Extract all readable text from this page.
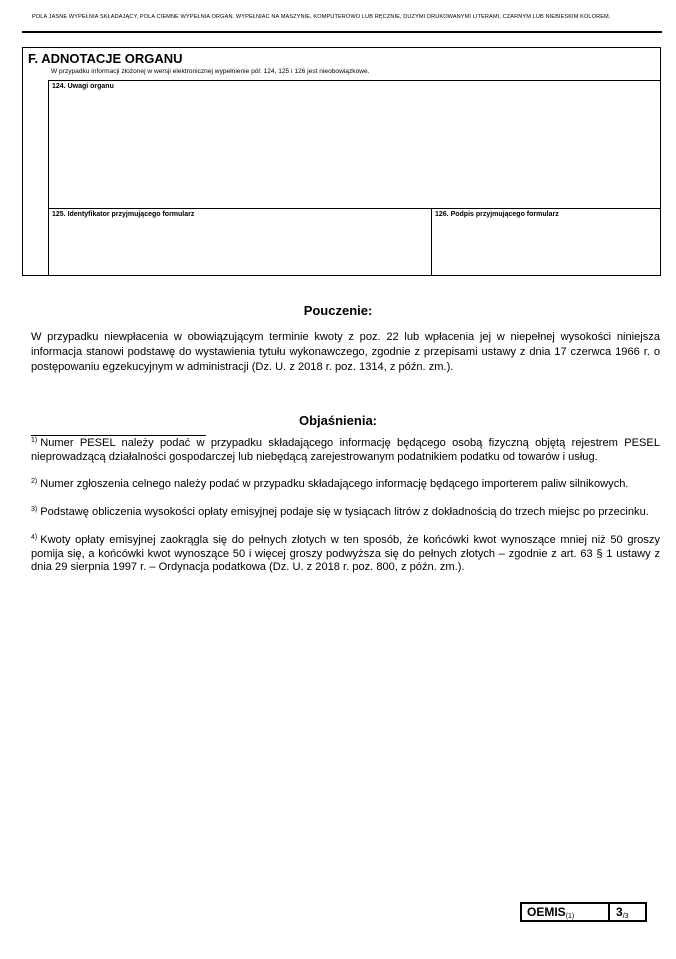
POLA JASNE WYPEŁNIA SKŁADAJĄCY, POLA CIEMNE WYPEŁNIA ORGAN. WYPEŁNIAĆ NA MASZYNIE, KOMPUTEROWO LUB RĘCZNIE, DUŻYMI DRUKOWANYMI LITERAMI, CZARNYM LUB NIEBIESKIM KOLOREM.
F. ADNOTACJE ORGANU
W przypadku informacji złożonej w wersji elektronicznej wypełnienie pól: 124, 125 i 126 jest nieobowiązkowe.
124. Uwagi organu
125. Identyfikator przyjmującego formularz	126. Podpis przyjmującego formularz
Pouczenie:
W przypadku niewpłacenia w obowiązującym terminie kwoty z poz. 22 lub wpłacenia jej w niepełnej wysokości niniejsza informacja stanowi podstawę do wystawienia tytułu wykonawczego, zgodnie z przepisami ustawy z dnia 17 czerwca 1966 r. o postępowaniu egzekucyjnym w administracji (Dz. U. z 2018 r. poz. 1314, z późn. zm.).
Objaśnienia:
$^{1)}$ Numer PESEL należy podać w przypadku składającego informację będącego osobą fizyczną objętą rejestrem PESEL nieprowadzącą działalności gospodarczej lub niebędącą zarejestrowanym podatnikiem podatku od towarów i usług.
$^{2)}$ Numer zgłoszenia celnego należy podać w przypadku składającego informację będącego importerem paliw silnikowych.
$^{3)}$ Podstawę obliczenia wysokości opłaty emisyjnej podaje się w tysiącach litrów z dokładnością do trzech miejsc po przecinku.
$^{4)}$ Kwoty opłaty emisyjnej zaokrągla się do pełnych złotych w ten sposób, że końcówki kwot wynoszące mniej niż 50 groszy pomija się, a końcówki kwot wynoszące 50 i więcej groszy podwyższa się do pełnych złotych – zgodnie z art. 63 § 1 ustawy z dnia 29 sierpnia 1997 r. – Ordynacja podatkowa (Dz. U. z 2018 r. poz. 800, z późn. zm.).
$OEMIS_{(1)}$	$3_{/3}$
